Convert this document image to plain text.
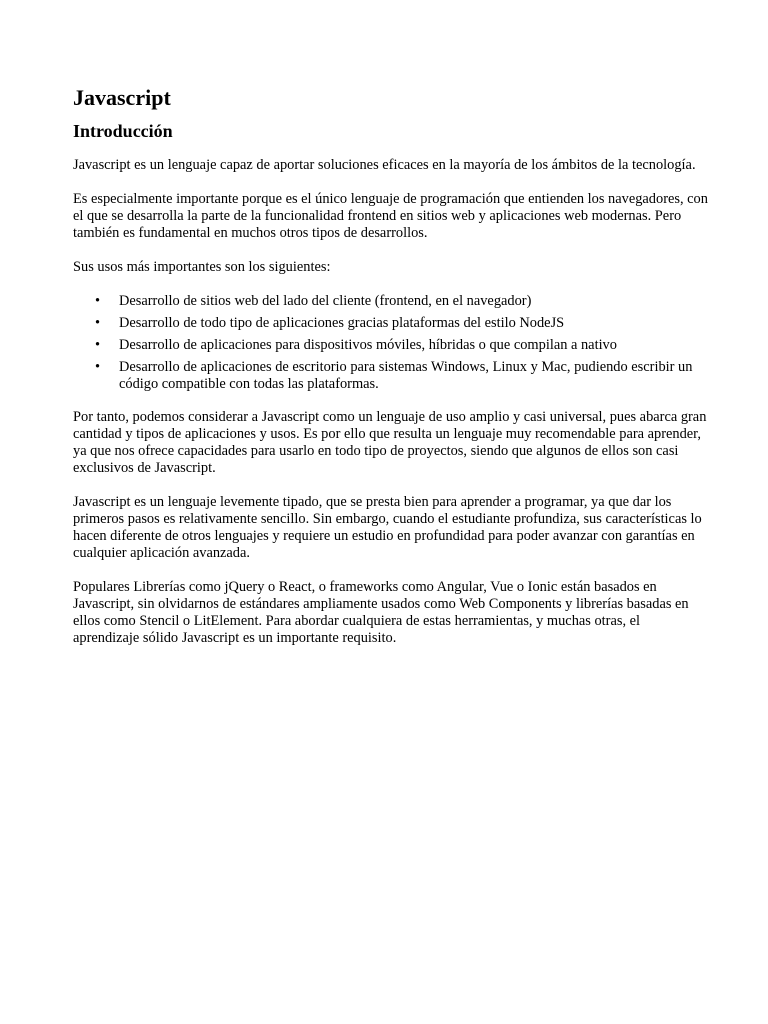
Javascript
Introducción

Javascript es un lenguaje capaz de aportar soluciones eficaces en la mayoría de los ámbitos de la tecnología.

Es especialmente importante porque es el único lenguaje de programación que entienden los navegadores, con el que se desarrolla la parte de la funcionalidad frontend en sitios web y aplicaciones web modernas. Pero también es fundamental en muchos otros tipos de desarrollos.

Sus usos más importantes son los siguientes:

• Desarrollo de sitios web del lado del cliente (frontend, en el navegador)
• Desarrollo de todo tipo de aplicaciones gracias plataformas del estilo NodeJS
• Desarrollo de aplicaciones para dispositivos móviles, híbridas o que compilan a nativo
• Desarrollo de aplicaciones de escritorio para sistemas Windows, Linux y Mac, pudiendo escribir un código compatible con todas las plataformas.

Por tanto, podemos considerar a Javascript como un lenguaje de uso amplio y casi universal, pues abarca gran cantidad y tipos de aplicaciones y usos. Es por ello que resulta un lenguaje muy recomendable para aprender, ya que nos ofrece capacidades para usarlo en todo tipo de proyectos, siendo que algunos de ellos son casi exclusivos de Javascript.

Javascript es un lenguaje levemente tipado, que se presta bien para aprender a programar, ya que dar los primeros pasos es relativamente sencillo. Sin embargo, cuando el estudiante profundiza, sus características lo hacen diferente de otros lenguajes y requiere un estudio en profundidad para poder avanzar con garantías en cualquier aplicación avanzada.

Populares Librerías como jQuery o React, o frameworks como Angular, Vue o Ionic están basados en Javascript, sin olvidarnos de estándares ampliamente usados como Web Components y librerías basadas en ellos como Stencil o LitElement. Para abordar cualquiera de estas herramientas, y muchas otras, el aprendizaje sólido Javascript es un importante requisito.
